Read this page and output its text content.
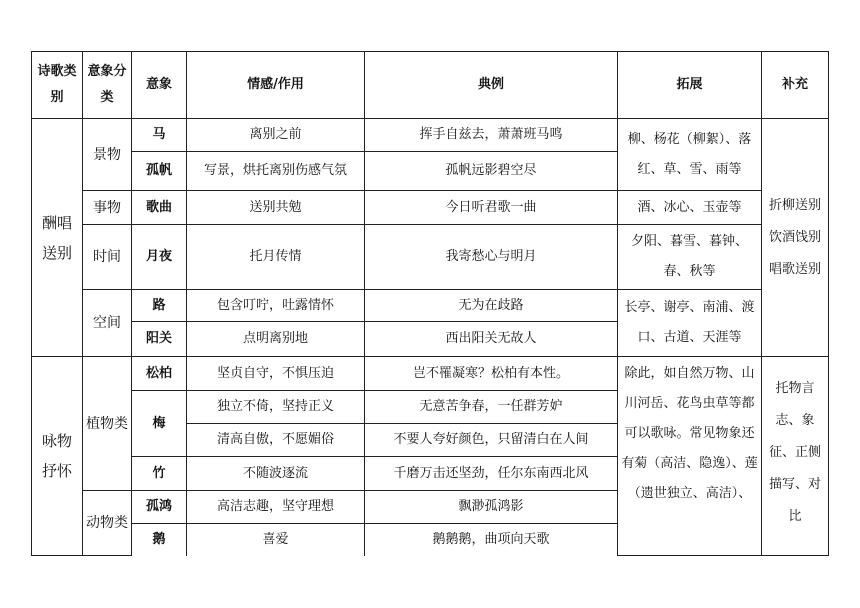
诗歌类别	意象分类	意象	情感/作用	典例	拓展	补充
酬唱送别	景物	马	离别之前	挥手自兹去，萧萧班马鸣	柳、杨花（柳絮）、落红、草、雪、雨等	折柳送别饮酒饯别唱歌送别
		孤帆	写景，烘托离别伤感气氛	孤帆远影碧空尽		
	事物	歌曲	送别共勉	今日听君歌一曲	酒、冰心、玉壶等	
	时间	月夜	托月传情	我寄愁心与明月	夕阳、暮雪、暮钟、春、秋等	
	空间	路	包含叮咛，吐露情怀	无为在歧路	长亭、谢亭、南浦、渡口、古道、天涯等	
		阳关	点明离别地	西出阳关无故人		

咏物抒怀	植物类	松柏	坚贞自守，不惧压迫	岂不罹凝寒？松柏有本性。	除此，如自然万物、山川河岳、花鸟虫草等都可以歌咏。常见物象还有菊（高洁、隐逸）、莲（遗世独立、高洁）、	托物言志、象征、正侧描写、对比
		梅	独立不倚，坚持正义	无意苦争春，一任群芳妒		
			清高自傲，不愿媚俗	不要人夸好颜色，只留清白在人间		
		竹	不随波逐流	千磨万击还坚劲，任尔东南西北风		
	动物类	孤鸿	高洁志趣，坚守理想	飘渺孤鸿影		
		鹅	喜爱	鹅鹅鹅，曲项向天歌		
